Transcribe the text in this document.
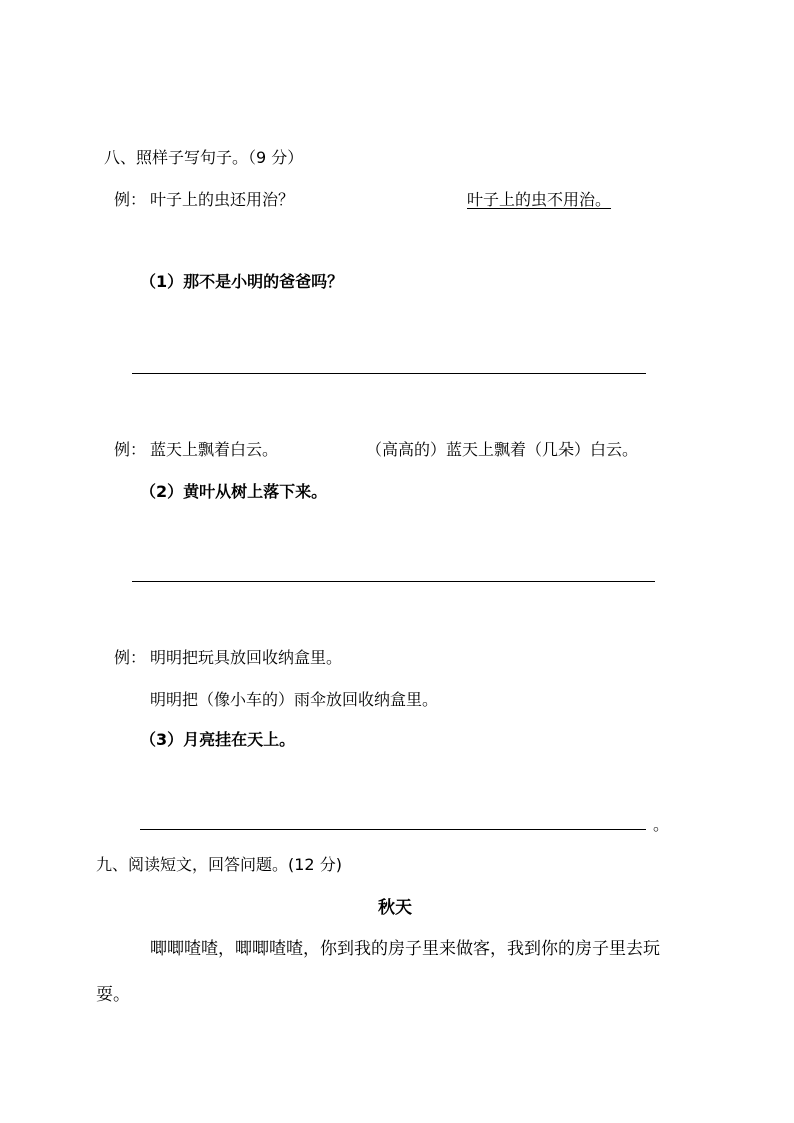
八、照样子写句子。（9 分）
例： 叶子上的虫还用治？	叶子上的虫不用治。
（1）那不是小明的爸爸吗？
例： 蓝天上飘着白云。	（高高的）蓝天上飘着（几朵）白云。
（2）黄叶从树上落下来。
例： 明明把玩具放回收纳盒里。
明明把（像小车的）雨伞放回收纳盒里。
（3）月亮挂在天上。
。
九、阅读短文，回答问题。(12 分)
秋天
唧唧喳喳，唧唧喳喳，你到我的房子里来做客，我到你的房子里去玩
耍。
